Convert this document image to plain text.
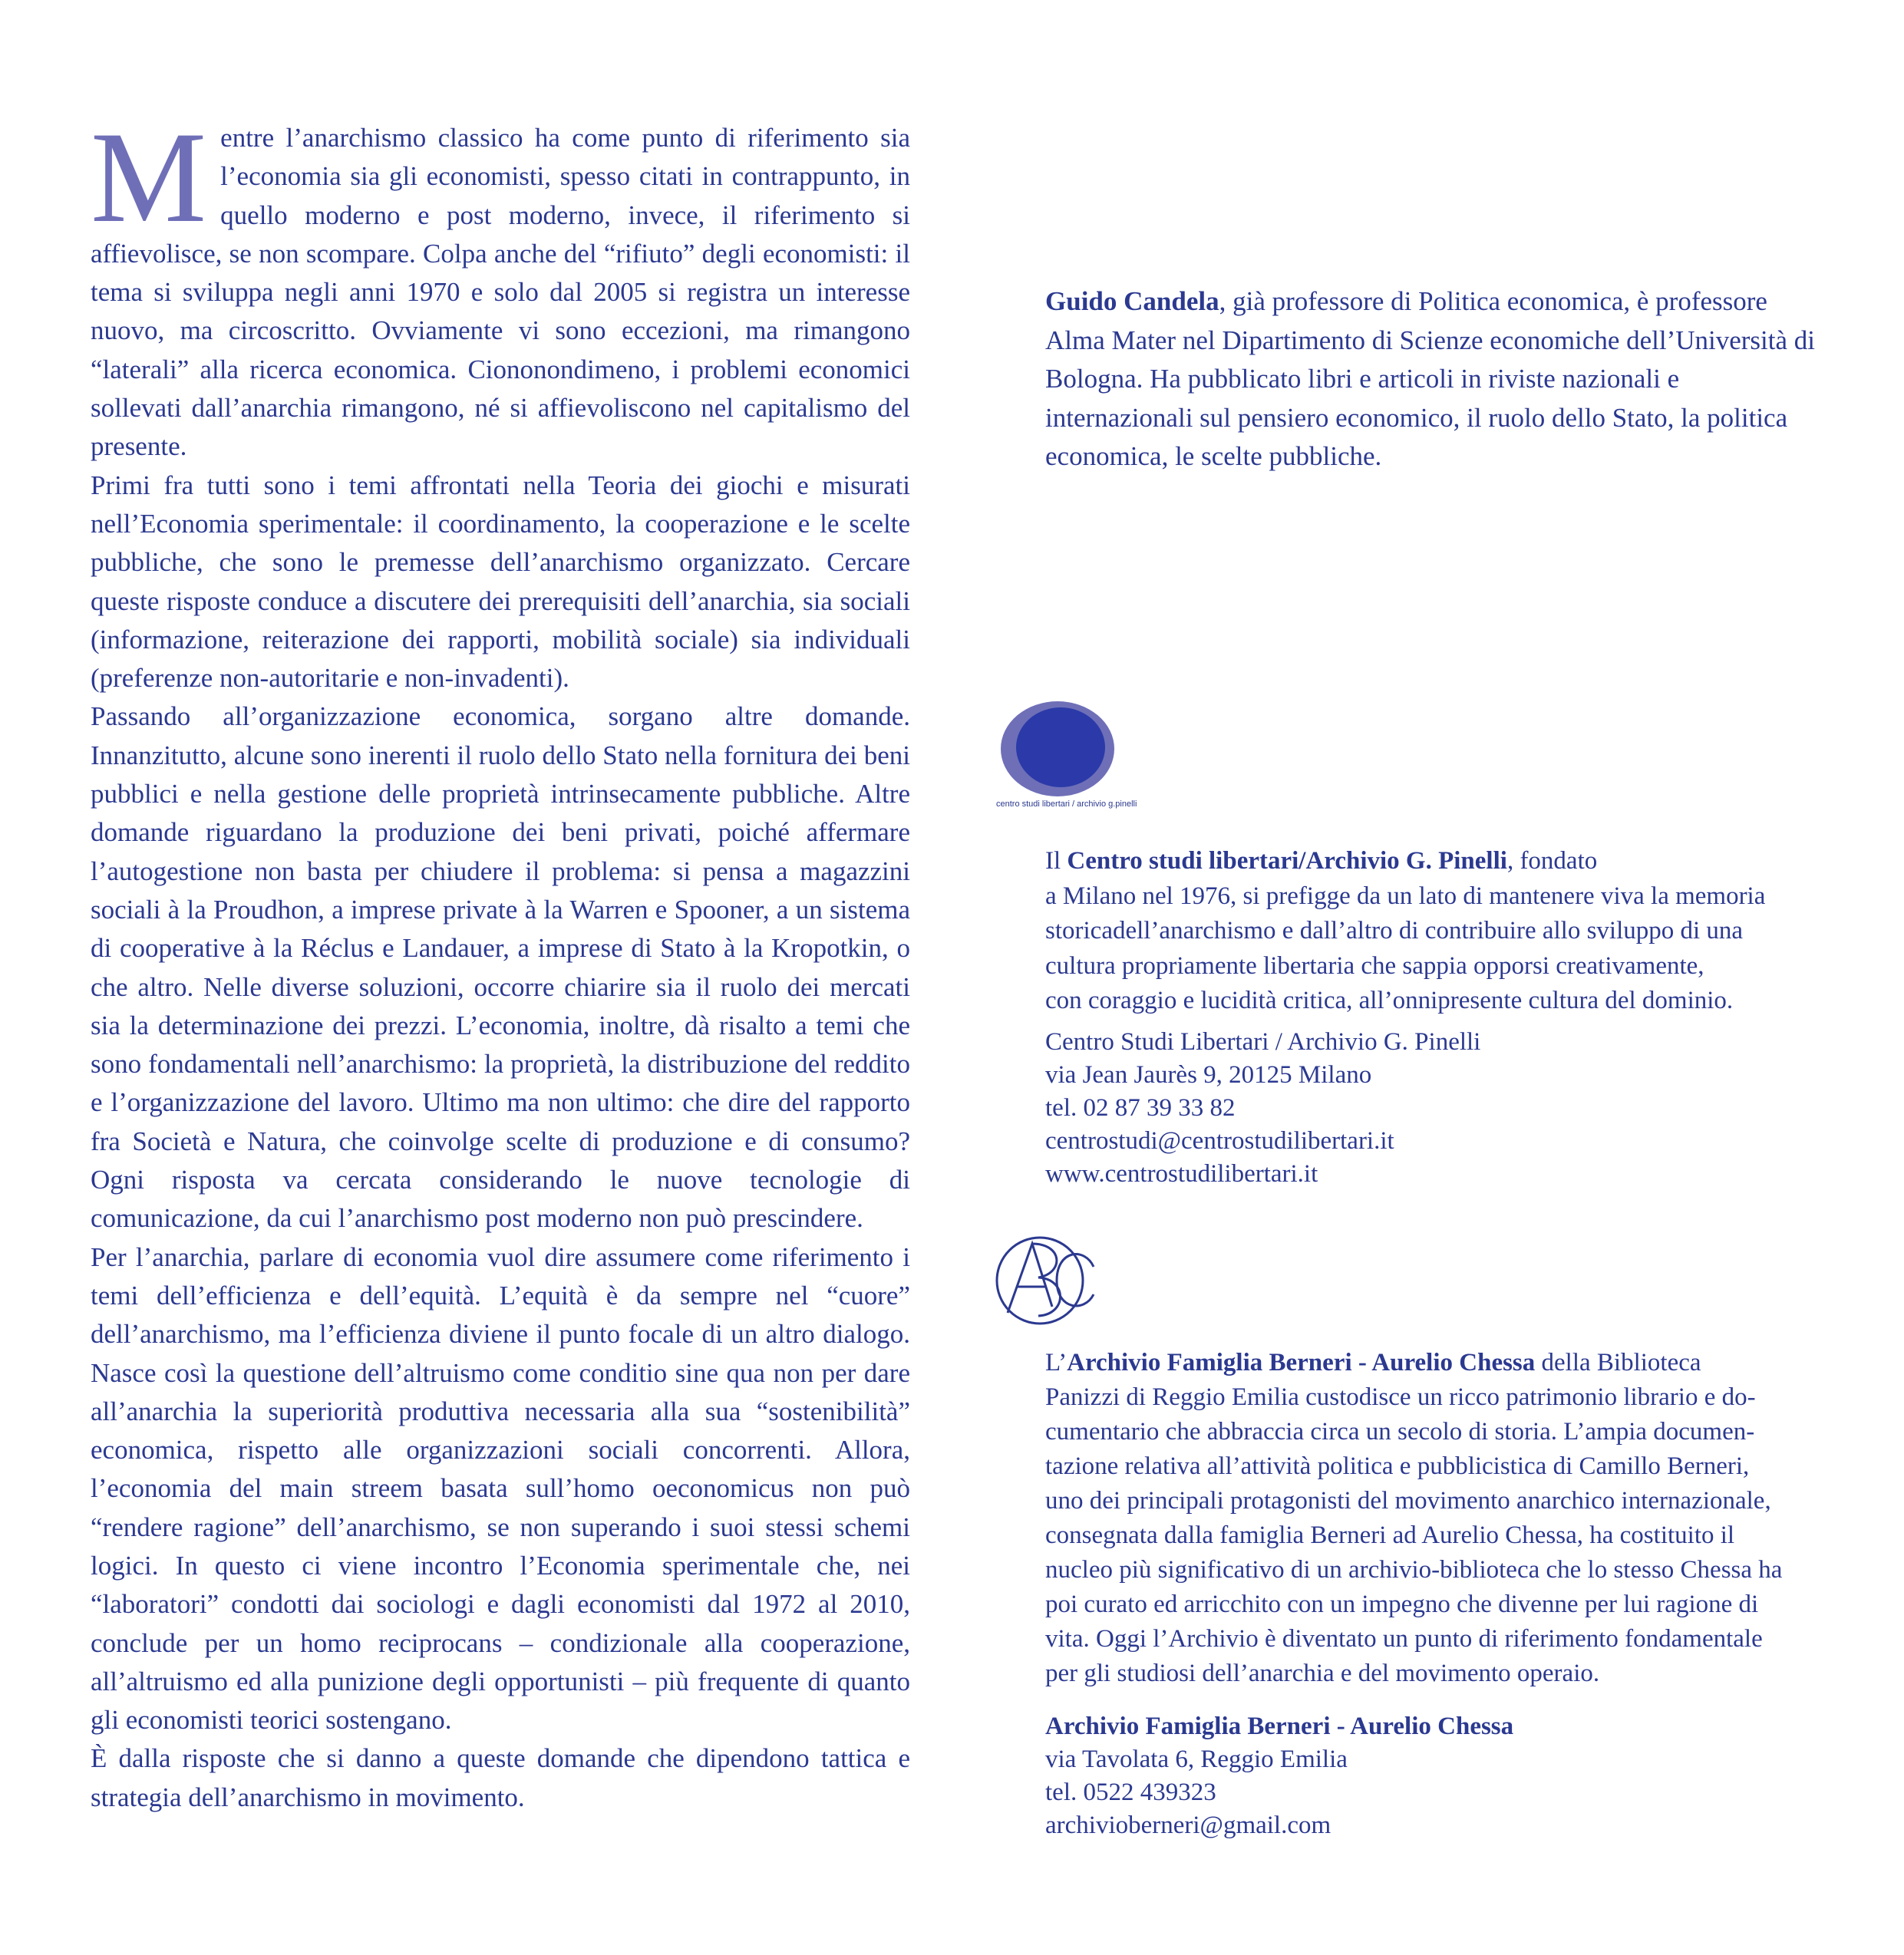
M entre l’anarchismo classico ha come punto di riferimento sia l’economia sia gli economisti, spesso citati in contrappunto, in quello moderno e post moderno, invece, il riferimento si affievolisce, se non scompare. Colpa anche del “rifiuto” degli economisti: il tema si sviluppa negli anni 1970 e solo dal 2005 si registra un interesse nuovo, ma circoscritto. Ovviamente vi sono eccezioni, ma rimangono “laterali” alla ricerca economica. Ciononondimeno, i problemi economici sollevati dall’anarchia rimangono, né si affievoliscono nel capitalismo del presente.

Primi fra tutti sono i temi affrontati nella Teoria dei giochi e misurati nell’Economia sperimentale: il coordinamento, la cooperazione e le scelte pubbliche, che sono le premesse dell’anarchismo organizzato. Cercare queste risposte conduce a discutere dei prerequisiti dell’anarchia, sia sociali (informazione, reiterazione dei rapporti, mobilità sociale) sia individuali (preferenze non-autoritarie e non-invadenti).

Passando all’organizzazione economica, sorgano altre domande. Innanzitutto, alcune sono inerenti il ruolo dello Stato nella fornitura dei beni pubblici e nella gestione delle proprietà intrinsecamente pubbliche. Altre domande riguardano la produzione dei beni privati, poiché affermare l’autogestione non basta per chiudere il problema: si pensa a magazzini sociali à la Proudhon, a imprese private à la Warren e Spooner, a un sistema di cooperative à la Réclus e Landauer, a imprese di Stato à la Kropotkin, o che altro. Nelle diverse soluzioni, occorre chiarire sia il ruolo dei mercati sia la determinazione dei prezzi. L’economia, inoltre, dà risalto a temi che sono fondamentali nell’anarchismo: la proprietà, la distribuzione del reddito e l’organizzazione del lavoro. Ultimo ma non ultimo: che dire del rapporto fra Società e Natura, che coinvolge scelte di produzione e di consumo? Ogni risposta va cercata considerando le nuove tecnologie di comunicazione, da cui l’anarchismo post moderno non può prescindere.

Per l’anarchia, parlare di economia vuol dire assumere come riferimento i temi dell’efficienza e dell’equità. L’equità è da sempre nel “cuore” dell’anarchismo, ma l’efficienza diviene il punto focale di un altro dialogo. Nasce così la questione dell’altruismo come conditio sine qua non per dare all’anarchia la superiorità produttiva necessaria alla sua “sostenibilità” economica, rispetto alle organizzazioni sociali concorrenti. Allora, l’economia del main streem basata sull’homo oeconomicus non può “rendere ragione” dell’anarchismo, se non superando i suoi stessi schemi logici. In questo ci viene incontro l’Economia sperimentale che, nei “laboratori” condotti dai sociologi e dagli economisti dal 1972 al 2010, conclude per un homo reciprocans – condizionale alla cooperazione, all’altruismo ed alla punizione degli opportunisti – più frequente di quanto gli economisti teorici sostengano.

È dalla risposte che si danno a queste domande che dipendono tattica e strategia dell’anarchismo in movimento.

Guido Candela, già professore di Politica economica, è professore Alma Mater nel Dipartimento di Scienze economiche dell’Università di Bologna. Ha pubblicato libri e articoli in riviste nazionali e internazionali sul pensiero economico, il ruolo dello Stato, la politica economica, le scelte pubbliche.

centro studi libertari / archivio g.pinelli

Il Centro studi libertari/Archivio G. Pinelli, fondato

a Milano nel 1976, si prefigge da un lato di mantenere viva la memoria

storicadell’anarchismo e dall’altro di contribuire allo sviluppo di una

cultura propriamente libertaria che sappia opporsi creativamente,

con coraggio e lucidità critica, all’onnipresente cultura del dominio.

Centro Studi Libertari / Archivio G. Pinelli

via Jean Jaurès 9, 20125 Milano

tel. 02 87 39 33 82

centrostudi@centrostudilibertari.it

www.centrostudilibertari.it

ABC

L’Archivio Famiglia Berneri - Aurelio Chessa della Biblioteca

Panizzi di Reggio Emilia custodisce un ricco patrimonio librario e do-

cumentario che abbraccia circa un secolo di storia. L’ampia documen-

tazione relativa all’attività politica e pubblicistica di Camillo Berneri,

uno dei principali protagonisti del movimento anarchico internazionale,

consegnata dalla famiglia Berneri ad Aurelio Chessa, ha costituito il

nucleo più significativo di un archivio-biblioteca che lo stesso Chessa ha

poi curato ed arricchito con un impegno che divenne per lui ragione di

vita. Oggi l’Archivio è diventato un punto di riferimento fondamentale

per gli studiosi dell’anarchia e del movimento operaio.

Archivio Famiglia Berneri - Aurelio Chessa

via Tavolata 6, Reggio Emilia

tel. 0522 439323

archivioberneri@gmail.com
